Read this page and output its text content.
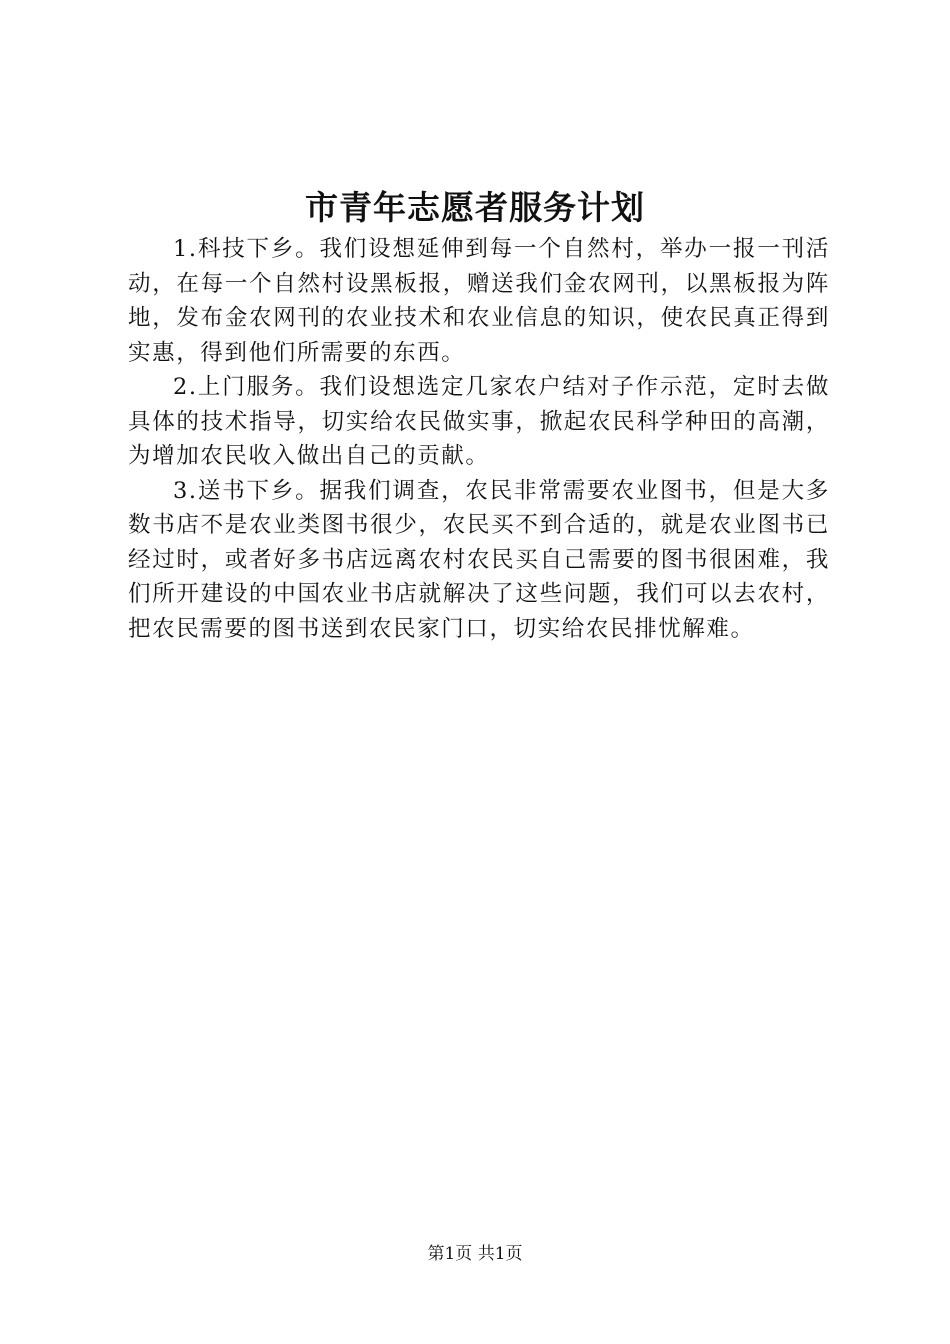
市青年志愿者服务计划

1.科技下乡。我们设想延伸到每一个自然村，举办一报一刊活动，在每一个自然村设黑板报，赠送我们金农网刊，以黑板报为阵地，发布金农网刊的农业技术和农业信息的知识，使农民真正得到实惠，得到他们所需要的东西。

2.上门服务。我们设想选定几家农户结对子作示范，定时去做具体的技术指导，切实给农民做实事，掀起农民科学种田的高潮，为增加农民收入做出自己的贡献。

3.送书下乡。据我们调查，农民非常需要农业图书，但是大多数书店不是农业类图书很少，农民买不到合适的，就是农业图书已经过时，或者好多书店远离农村农民买自己需要的图书很困难，我们所开建设的中国农业书店就解决了这些问题，我们可以去农村，把农民需要的图书送到农民家门口，切实给农民排忧解难。

第1页 共1页
